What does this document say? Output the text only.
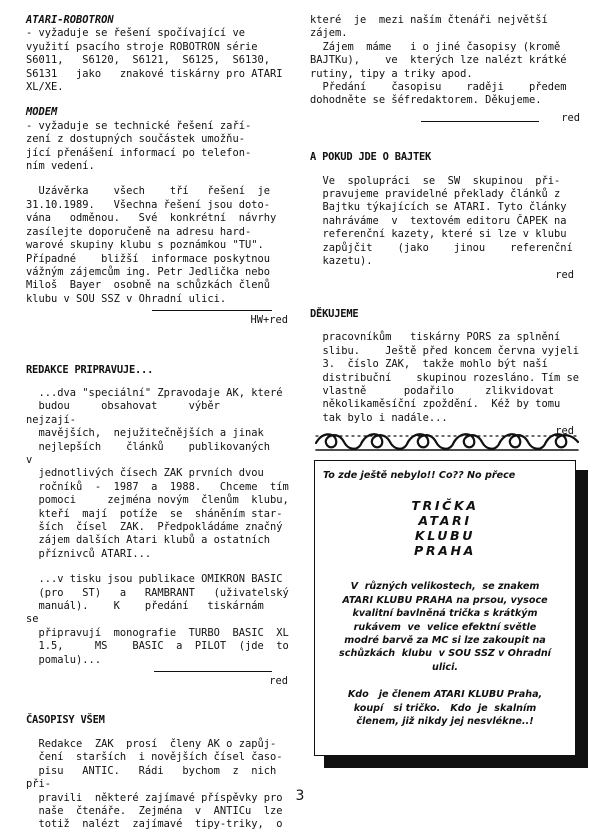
ATARI-ROBOTRON

- vyžaduje se řešení spočívající ve
využití psacího stroje ROBOTRON série
S6011,   S6120,  S6121,  S6125,  S6130,
S6131   jako   znakové tiskárny pro ATARI
XL/XE.

MODEM

- vyžaduje se technické řešení zaří-
zení z dostupných součástek umožňu-
jící přenášení informací po telefon-
ním vedení.

Uzávěrka    všech    tří   řešení  je
31.10.1989.   Všechna řešení jsou doto-
vána   odměnou.   Své  konkrétní  návrhy
zasílejte doporučeně na adresu hard-
warové skupiny klubu s poznámkou "TU".
Případné    bližší  informace poskytnou
vážným zájemcům ing. Petr Jedlička nebo
Miloš  Bayer  osobně na schůzkách členů
klubu v SOU SSZ v Ohradní ulici.

HW+red

REDAKCE PRIPRAVUJE...

...dva "speciální" Zpravodaje AK, které
budou     obsahovat     výběr    nejzají-
mavějších,  nejužitečnějších a jinak
nejlepších    článků    publikovaných   v
jednotlivých čísech ZAK prvních dvou
ročníků  -  1987  a  1988.   Chceme  tím
pomoci     zejména novým  členům  klubu,
kteří  mají  potíže  se  sháněním star-
ších  čísel  ZAK.  Předpokládáme značný
zájem dalších Atari klubů a ostatních
příznivců ATARI...

...v tisku jsou publikace OMIKRON BASIC
(pro   ST)   a   RAMBRANT   (uživatelský
manuál).    K    předání   tiskárnám   se
připravují  monografie  TURBO  BASIC  XL
1.5,     MS    BASIC  a  PILOT  (jde  to
pomalu)...

red

ČASOPISY VŠEM

Redakce  ZAK  prosí  členy AK o zapůj-
čení  starších  i novějších čísel časo-
pisu   ANTIC.   Rádi   bychom  z  nich  při-
pravili  některé zajímavé příspěvky pro
naše  čtenáře.  Zejména  v  ANTICu  lze
totiž  nalézt  zajímavé  tipy-triky,  o

které  je  mezi naším čtenáři největší
zájem.
Zájem  máme   i o jiné časopisy (kromě
BAJTKu),    ve  kterých lze nalézt krátké
rutiny, tipy a triky apod.
Předání    časopisu    raději    předem
dohodněte se šéfredaktorem. Děkujeme.

red

A POKUD JDE O BAJTEK

Ve  spolupráci  se  SW  skupinou  při-
pravujeme pravidelné překlady článků z
Bajtku týkajících se ATARI. Tyto články
nahráváme  v  textovém editoru ČAPEK na
referenční kazety, které si lze v klubu
zapůjčit    (jako    jinou    referenční
kazetu).

red

DĚKUJEME

pracovníkům   tiskárny PORS za splnění
slibu.    Ještě před koncem června vyjeli
3.  číslo ZAK,  takže mohlo být naší
distribuční    skupinou rozesláno. Tím se
vlastně      podařilo     zlikvidovat
několikaměsíční zpoždění.  Kéž by tomu
tak bylo i nadále...

red

To zde ještě nebylo!! Co?? No přece

TRIČKA
ATARI
KLUBU
PRAHA

V  různých velikostech,  se znakem
ATARI KLUBU PRAHA na prsou, vysoce
kvalitní bavlněná trička s krátkým
rukávem  ve  velice efektní světle
modré barvě za MC si lze zakoupit na
schůzkách  klubu  v SOU SSZ v Ohradní
ulici.

Kdo   je členem ATARI KLUBU Praha,
koupí   si tričko.   Kdo  je  skalním
členem, již nikdy jej nesvlékne..!

3
